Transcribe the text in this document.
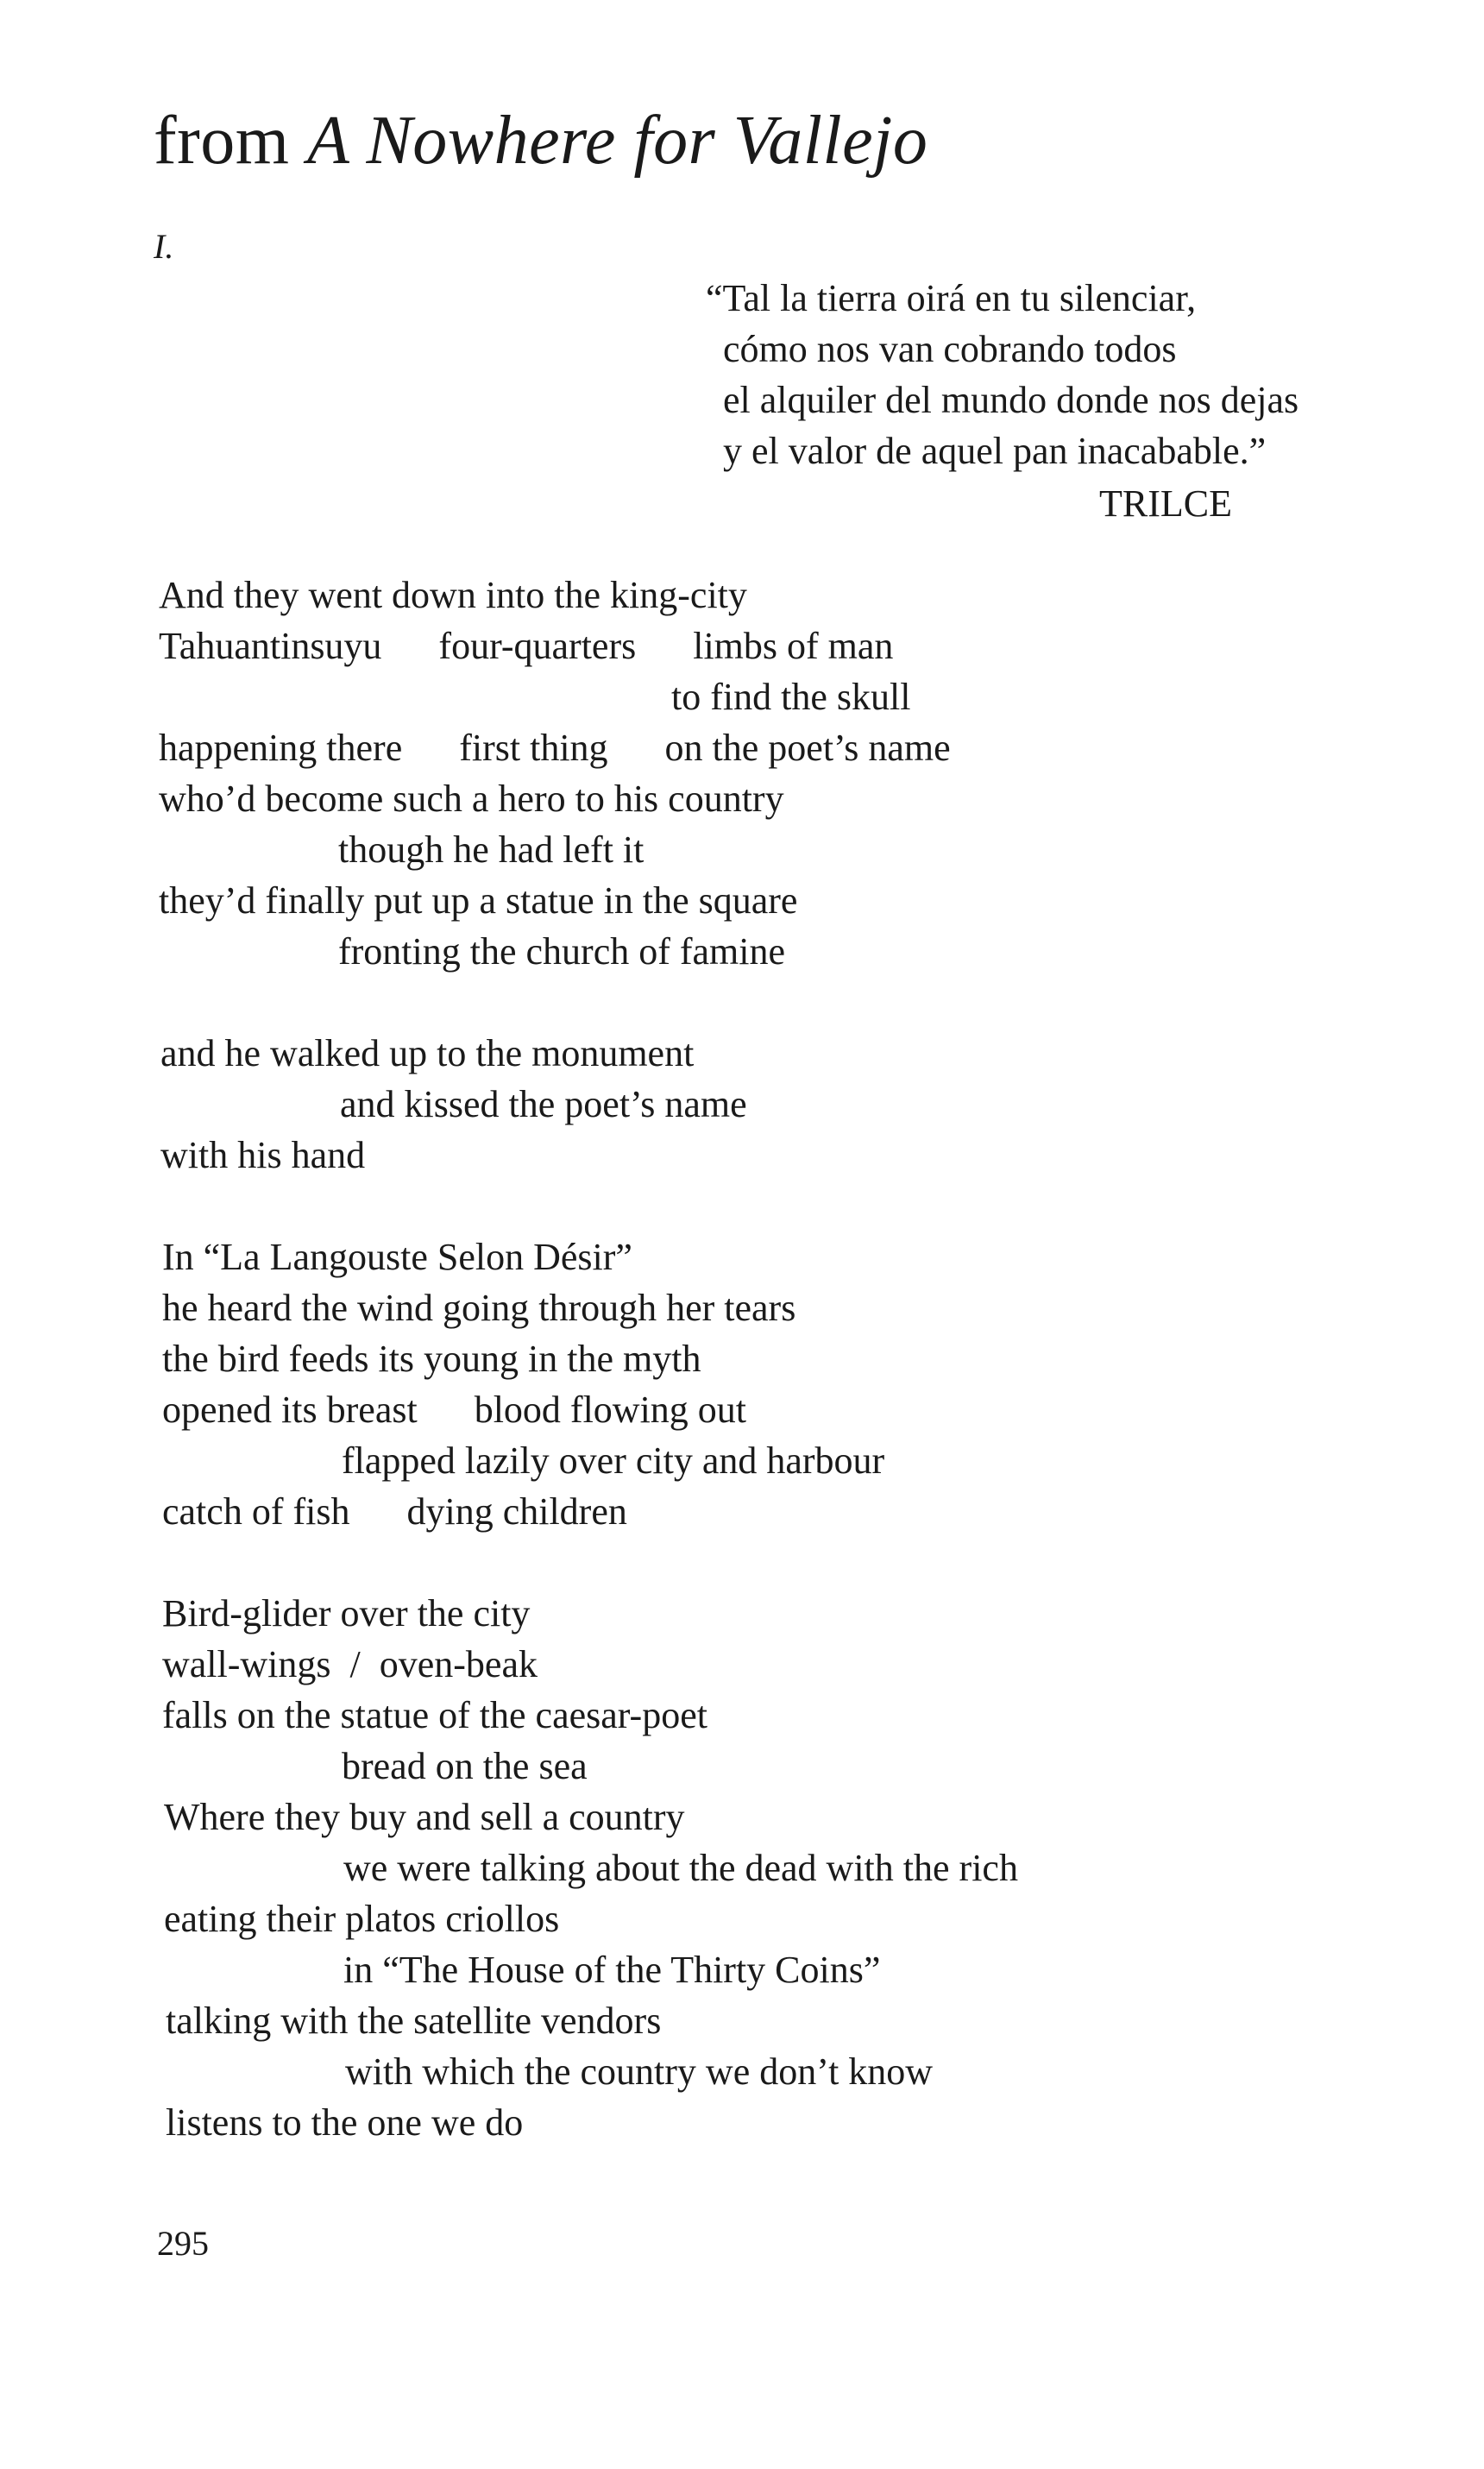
from A Nowhere for Vallejo
I.
“Tal la tierra oirá en tu silenciar,
cómo nos van cobrando todos
el alquiler del mundo donde nos dejas
y el valor de aquel pan inacabable.”
TRILCE
And they went down into the king-city
Tahuantinsuyu      four-quarters      limbs of man
to find the skull
happening there      first thing      on the poet’s name
who’d become such a hero to his country
though he had left it
they’d finally put up a statue in the square
fronting the church of famine
and he walked up to the monument
and kissed the poet’s name
with his hand
In “La Langouste Selon Désir”
he heard the wind going through her tears
the bird feeds its young in the myth
opened its breast      blood flowing out
flapped lazily over city and harbour
catch of fish      dying children
Bird-glider over the city
wall-wings  /  oven-beak
falls on the statue of the caesar-poet
bread on the sea
Where they buy and sell a country
we were talking about the dead with the rich
eating their platos criollos
in “The House of the Thirty Coins”
talking with the satellite vendors
with which the country we don’t know
listens to the one we do
295
